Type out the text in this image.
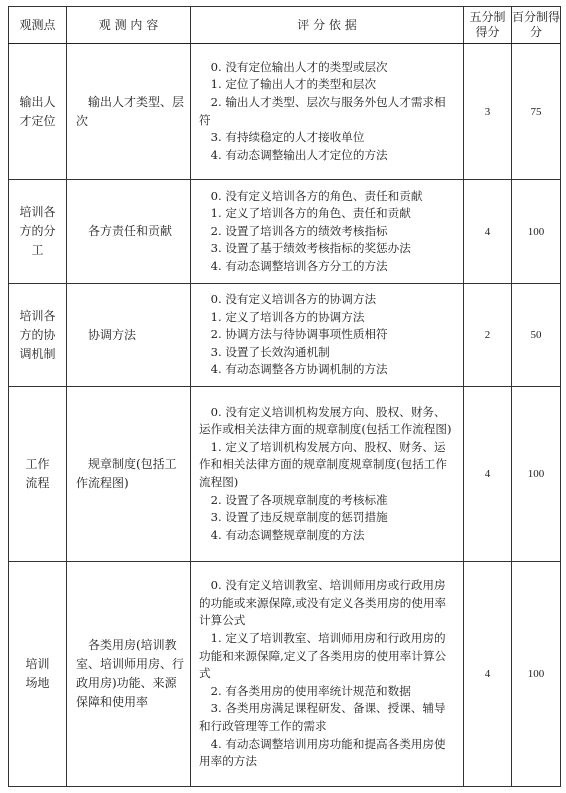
观测点	观 测 内 容	评 分 依 据	五分制得分	百分制得分

输出人才定位	输出人才类型、层次	0. 没有定位输出人才的类型或层次
1. 定位了输出人才的类型和层次
2. 输出人才类型、层次与服务外包人才需求相符
3. 有持续稳定的人才接收单位
4. 有动态调整输出人才定位的方法	3	75

培训各方的分工	各方责任和贡献	0. 没有定义培训各方的角色、责任和贡献
1. 定义了培训各方的角色、责任和贡献
2. 设置了培训各方的绩效考核指标
3. 设置了基于绩效考核指标的奖惩办法
4. 有动态调整培训各方分工的方法	4	100

培训各方的协调机制	协调方法	0. 没有定义培训各方的协调方法
1. 定义了培训各方的协调方法
2. 协调方法与待协调事项性质相符
3. 设置了长效沟通机制
4. 有动态调整各方协调机制的方法	2	50

工作流程	规章制度(包括工作流程图)	0. 没有定义培训机构发展方向、股权、财务、运作或相关法律方面的规章制度(包括工作流程图)
1. 定义了培训机构发展方向、股权、财务、运作和相关法律方面的规章制度规章制度(包括工作流程图)
2. 设置了各项规章制度的考核标准
3. 设置了违反规章制度的惩罚措施
4. 有动态调整规章制度的方法	4	100

培训场地	各类用房(培训教室、培训师用房、行政用房)功能、来源保障和使用率	0. 没有定义培训教室、培训师用房或行政用房的功能或来源保障,或没有定义各类用房的使用率计算公式
1. 定义了培训教室、培训师用房和行政用房的功能和来源保障,定义了各类用房的使用率计算公式
2. 有各类用房的使用率统计规范和数据
3. 各类用房满足课程研发、备课、授课、辅导和行政管理等工作的需求
4. 有动态调整培训用房功能和提高各类用房使用率的方法	4	100
